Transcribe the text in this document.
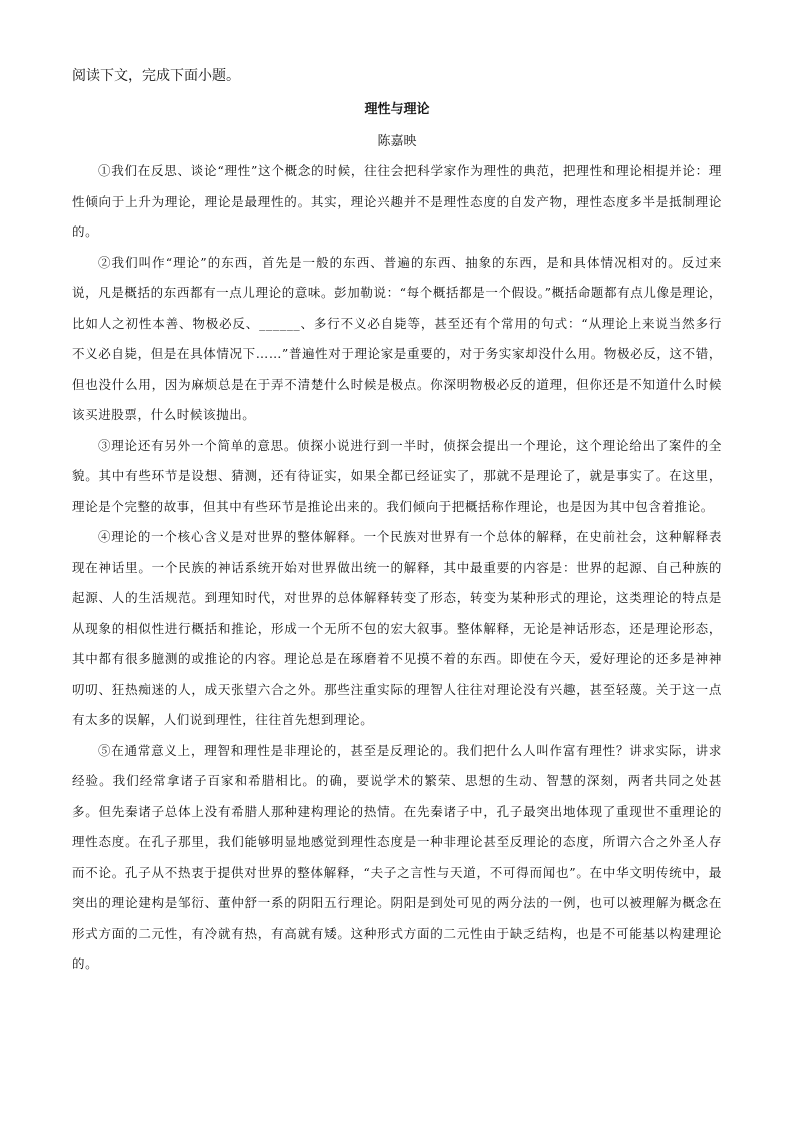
阅读下文，完成下面小题。
理性与理论
陈嘉映

①我们在反思、谈论“理性”这个概念的时候，往往会把科学家作为理性的典范，把理性和理论相提并论：理性倾向于上升为理论，理论是最理性的。其实，理论兴趣并不是理性态度的自发产物，理性态度多半是抵制理论的。

②我们叫作“理论”的东西，首先是一般的东西、普遍的东西、抽象的东西，是和具体情况相对的。反过来说，凡是概括的东西都有一点儿理论的意味。彭加勒说：“每个概括都是一个假设。”概括命题都有点儿像是理论，比如人之初性本善、物极必反、______、多行不义必自毙等，甚至还有个常用的句式：“从理论上来说当然多行不义必自毙，但是在具体情况下……”普遍性对于理论家是重要的，对于务实家却没什么用。物极必反，这不错，但也没什么用，因为麻烦总是在于弄不清楚什么时候是极点。你深明物极必反的道理，但你还是不知道什么时候该买进股票，什么时候该抛出。

③理论还有另外一个简单的意思。侦探小说进行到一半时，侦探会提出一个理论，这个理论给出了案件的全貌。其中有些环节是设想、猜测，还有待证实，如果全都已经证实了，那就不是理论了，就是事实了。在这里，理论是个完整的故事，但其中有些环节是推论出来的。我们倾向于把概括称作理论，也是因为其中包含着推论。

④理论的一个核心含义是对世界的整体解释。一个民族对世界有一个总体的解释，在史前社会，这种解释表现在神话里。一个民族的神话系统开始对世界做出统一的解释，其中最重要的内容是：世界的起源、自己种族的起源、人的生活规范。到理知时代，对世界的总体解释转变了形态，转变为某种形式的理论，这类理论的特点是从现象的相似性进行概括和推论，形成一个无所不包的宏大叙事。整体解释，无论是神话形态，还是理论形态，其中都有很多臆测的或推论的内容。理论总是在琢磨着不见摸不着的东西。即使在今天，爱好理论的还多是神神叨叨、狂热痴迷的人，成天张望六合之外。那些注重实际的理智人往往对理论没有兴趣，甚至轻蔑。关于这一点有太多的误解，人们说到理性，往往首先想到理论。

⑤在通常意义上，理智和理性是非理论的，甚至是反理论的。我们把什么人叫作富有理性？讲求实际，讲求经验。我们经常拿诸子百家和希腊相比。的确，要说学术的繁荣、思想的生动、智慧的深刻，两者共同之处甚多。但先秦诸子总体上没有希腊人那种建构理论的热情。在先秦诸子中，孔子最突出地体现了重现世不重理论的理性态度。在孔子那里，我们能够明显地感觉到理性态度是一种非理论甚至反理论的态度，所谓六合之外圣人存而不论。孔子从不热衷于提供对世界的整体解释，“夫子之言性与天道，不可得而闻也”。在中华文明传统中，最突出的理论建构是邹衍、董仲舒一系的阴阳五行理论。阴阳是到处可见的两分法的一例，也可以被理解为概念在形式方面的二元性，有冷就有热，有高就有矮。这种形式方面的二元性由于缺乏结构，也是不可能基以构建理论的。
